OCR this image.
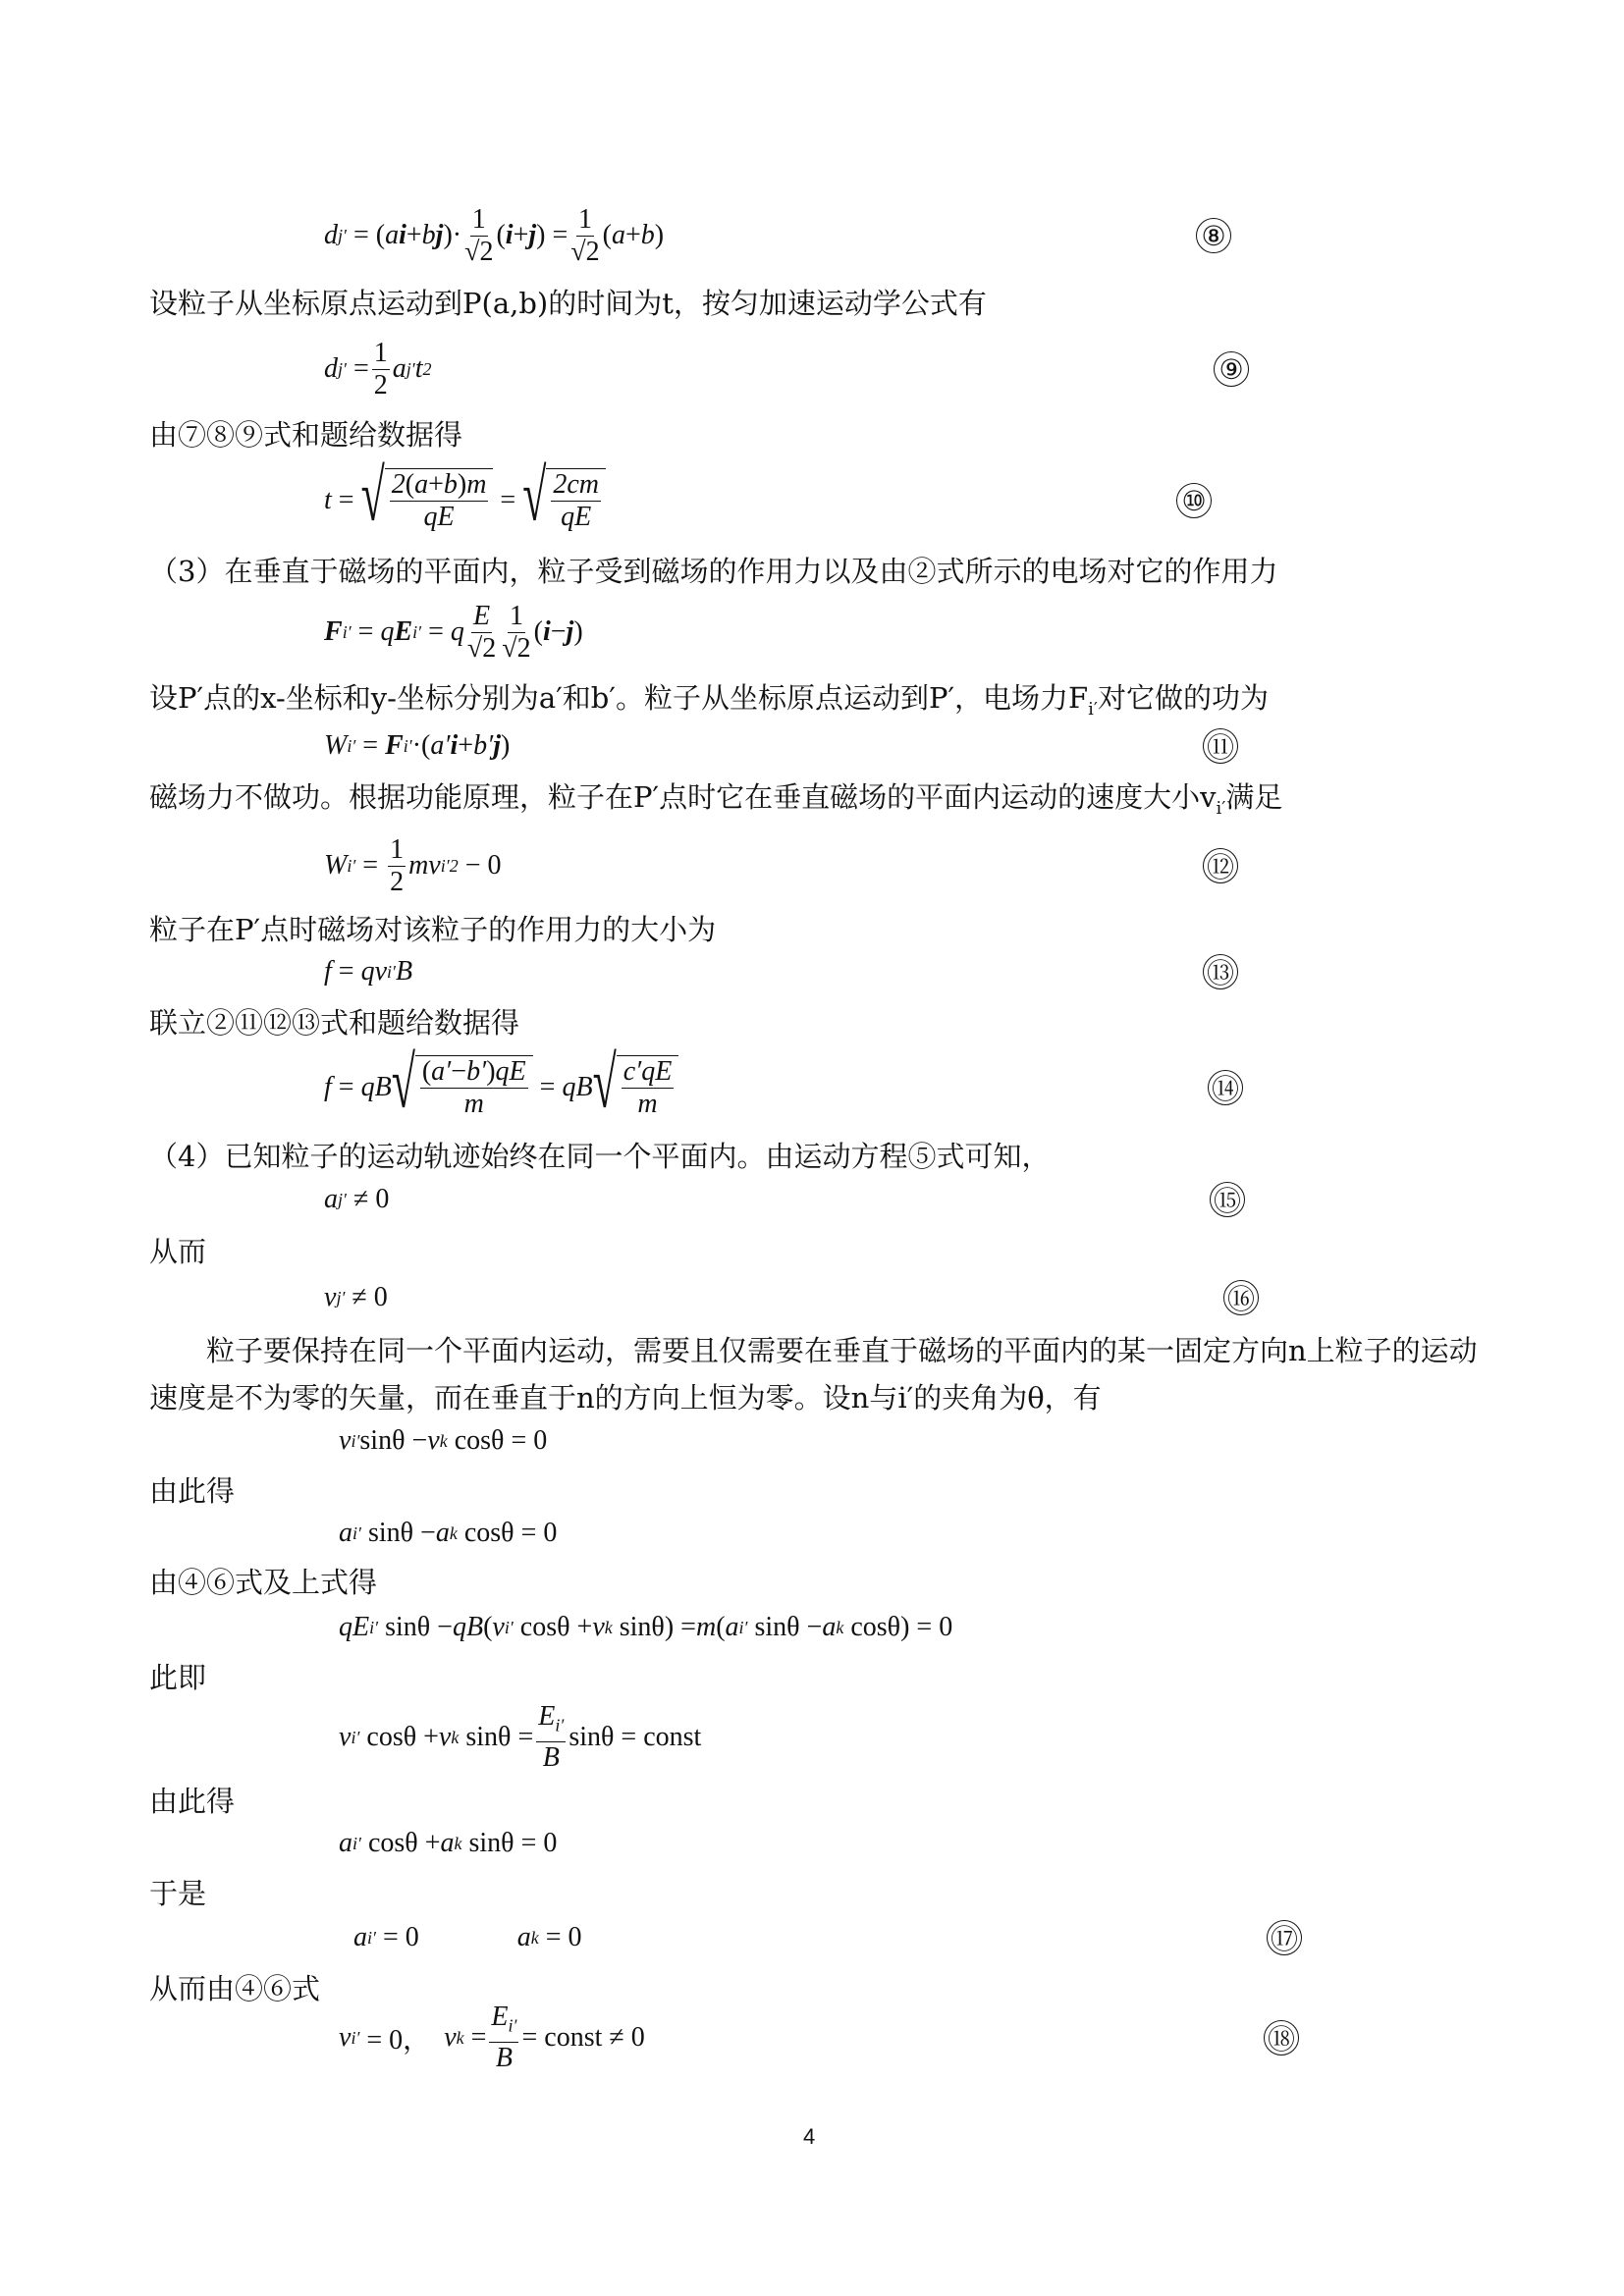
d j′
= ( a i + b j )· $\frac{1}{√2}$ ( i + j ) = $\frac{1}{√2}$ ( a + b )	⑧
设粒子从坐标原点运动到P(a,b)的时间为t，按匀加速运动学公式有
d j′
= $\frac{1}{2}$ a j′ t 2	⑨
由⑦⑧⑨式和题给数据得
t = √ $\frac{2(a+b)m}{qE}$ = √ $\frac{2cm}{qE}$	⑩
（3）在垂直于磁场的平面内，粒子受到磁场的作用力以及由②式所示的电场对它的作用力
F i′ = q E i′ = q $\frac{E}{√2} \frac{1}{√2}$ ( i − j )
设P′点的x-坐标和y-坐标分别为a′和b′。粒子从坐标原点运动到P′，电场力$F_{i'}$对它做的功为
W i′ = F i′ ·( a′ i + b′ j )	⑪
磁场力不做功。根据功能原理，粒子在P′点时它在垂直磁场的平面内运动的速度大小$v_{i'}$满足
W $i' = \frac{1}{2}$ mv i′ 2 − 0	⑫
粒子在P′点时磁场对该粒子的作用力的大小为
f = qv i′ B	⑬
联立②⑪⑫⑬式和题给数据得
f = qB √ $\frac{(a'-b')qE}{m}$ = qB √ $\frac{c'qE}{m}$	⑭
（4）已知粒子的运动轨迹始终在同一个平面内。由运动方程⑤式可知，
a j′ ≠ 0	⑮
从而
v j′ ≠ 0	⑯
粒子要保持在同一个平面内运动，需要且仅需要在垂直于磁场的平面内的某一固定方向n上粒子的运动
速度是不为零的矢量，而在垂直于n的方向上恒为零。设n与i′的夹角为θ，有
v i′ sinθ − v k cosθ = 0
由此得
a i′ sinθ − a k cosθ = 0
由④⑥式及上式得
qE i′ sinθ − qB ( v i′ cosθ + v k sinθ) = m ( a i′ sinθ − a k cosθ) = 0
此即
v i′ cosθ + v k $\sin\theta = \frac{E_{i'}}{B}$ sinθ = const
由此得
a i′ cosθ + a k sinθ = 0
于是
a i′ = 0	a k = 0	⑰
从而由④⑥式
v i′ = 0， v $k = \frac{E_{i'}}{B}$ = const ≠ 0	⑱
4
